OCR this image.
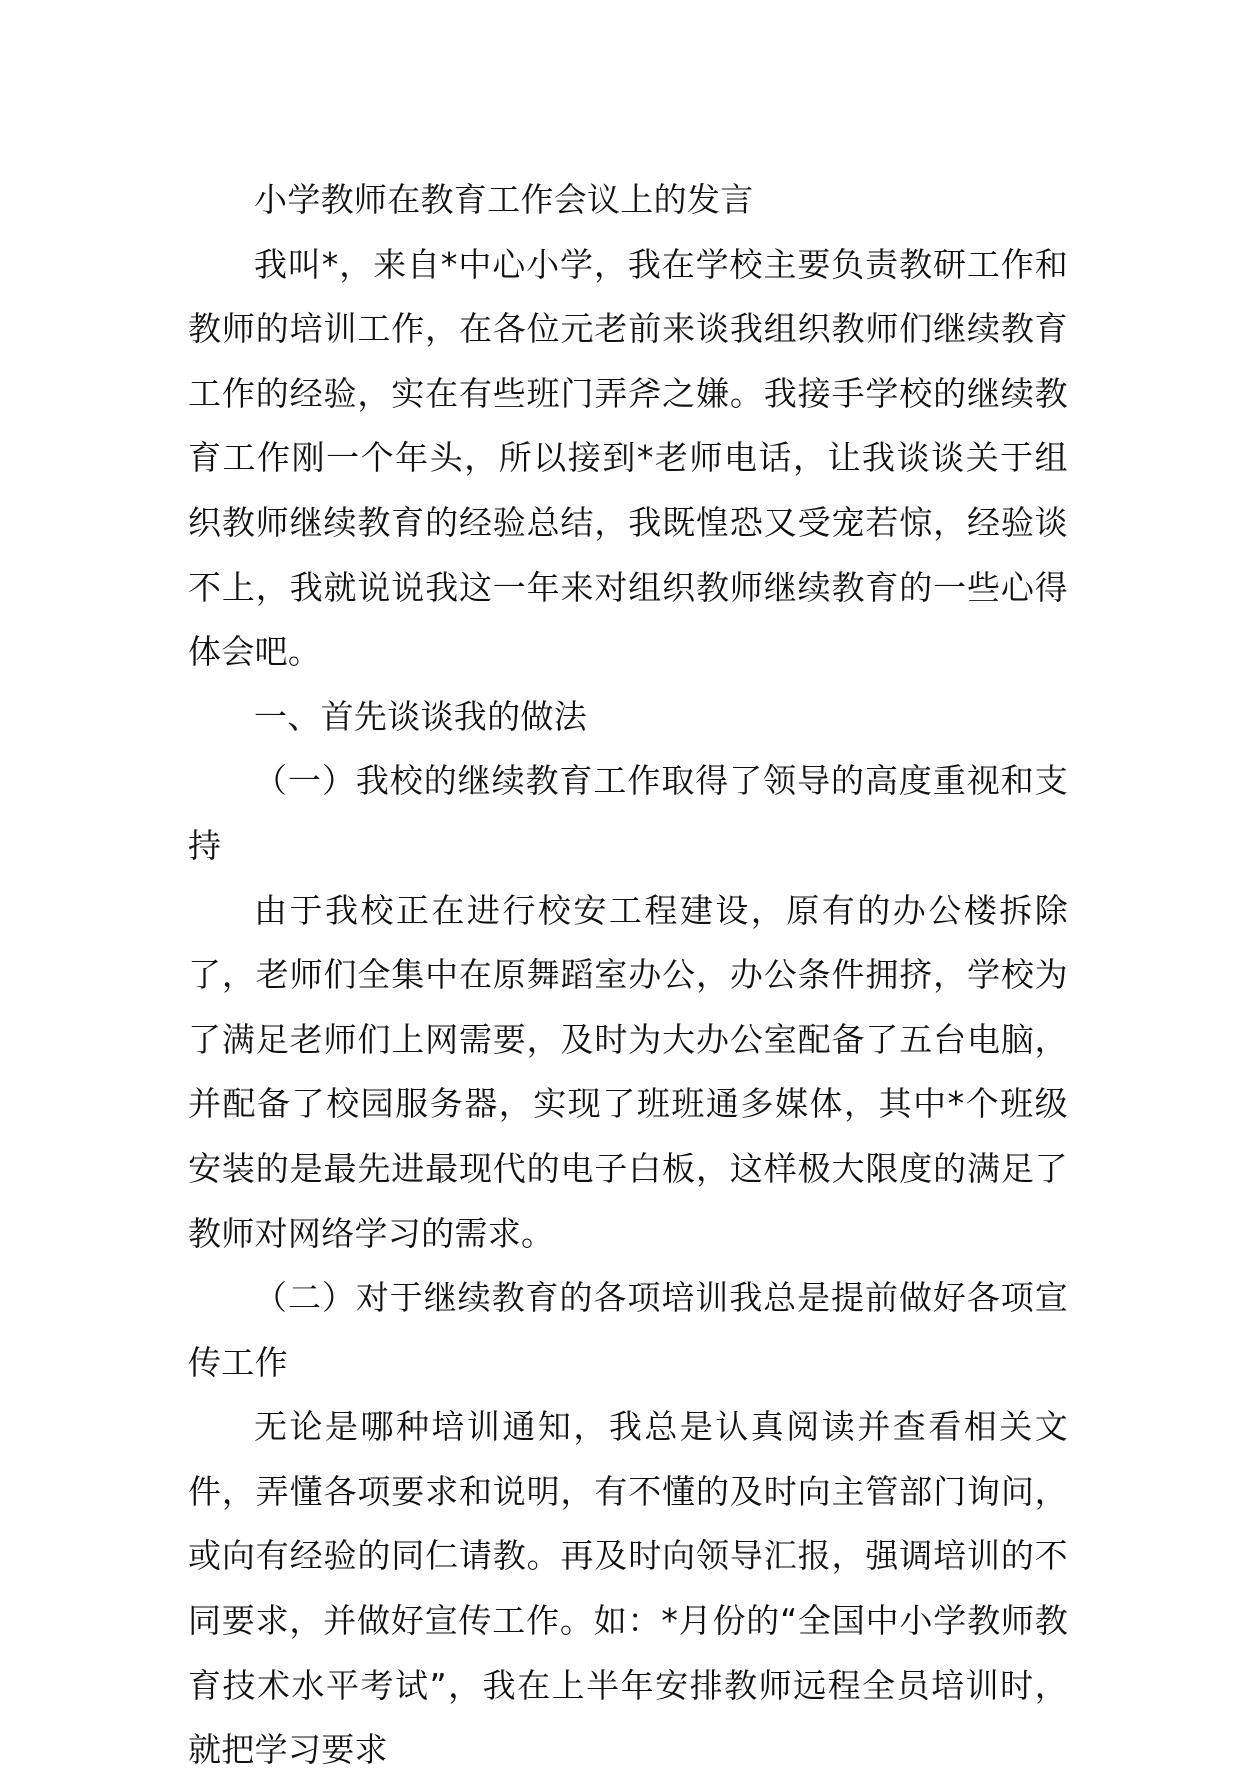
小学教师在教育工作会议上的发言

我叫*，来自*中心小学，我在学校主要负责教研工作和教师的培训工作，在各位元老前来谈我组织教师们继续教育工作的经验，实在有些班门弄斧之嫌。我接手学校的继续教育工作刚一个年头，所以接到*老师电话，让我谈谈关于组织教师继续教育的经验总结，我既惶恐又受宠若惊，经验谈不上，我就说说我这一年来对组织教师继续教育的一些心得体会吧。

一、首先谈谈我的做法

（一）我校的继续教育工作取得了领导的高度重视和支持

由于我校正在进行校安工程建设，原有的办公楼拆除了，老师们全集中在原舞蹈室办公，办公条件拥挤，学校为了满足老师们上网需要，及时为大办公室配备了五台电脑，并配备了校园服务器，实现了班班通多媒体，其中*个班级安装的是最先进最现代的电子白板，这样极大限度的满足了教师对网络学习的需求。

（二）对于继续教育的各项培训我总是提前做好各项宣传工作

无论是哪种培训通知，我总是认真阅读并查看相关文件，弄懂各项要求和说明，有不懂的及时向主管部门询问，或向有经验的同仁请教。再及时向领导汇报，强调培训的不同要求，并做好宣传工作。如：*月份的“全国中小学教师教育技术水平考试”，我在上半年安排教师远程全员培训时，就把学习要求
